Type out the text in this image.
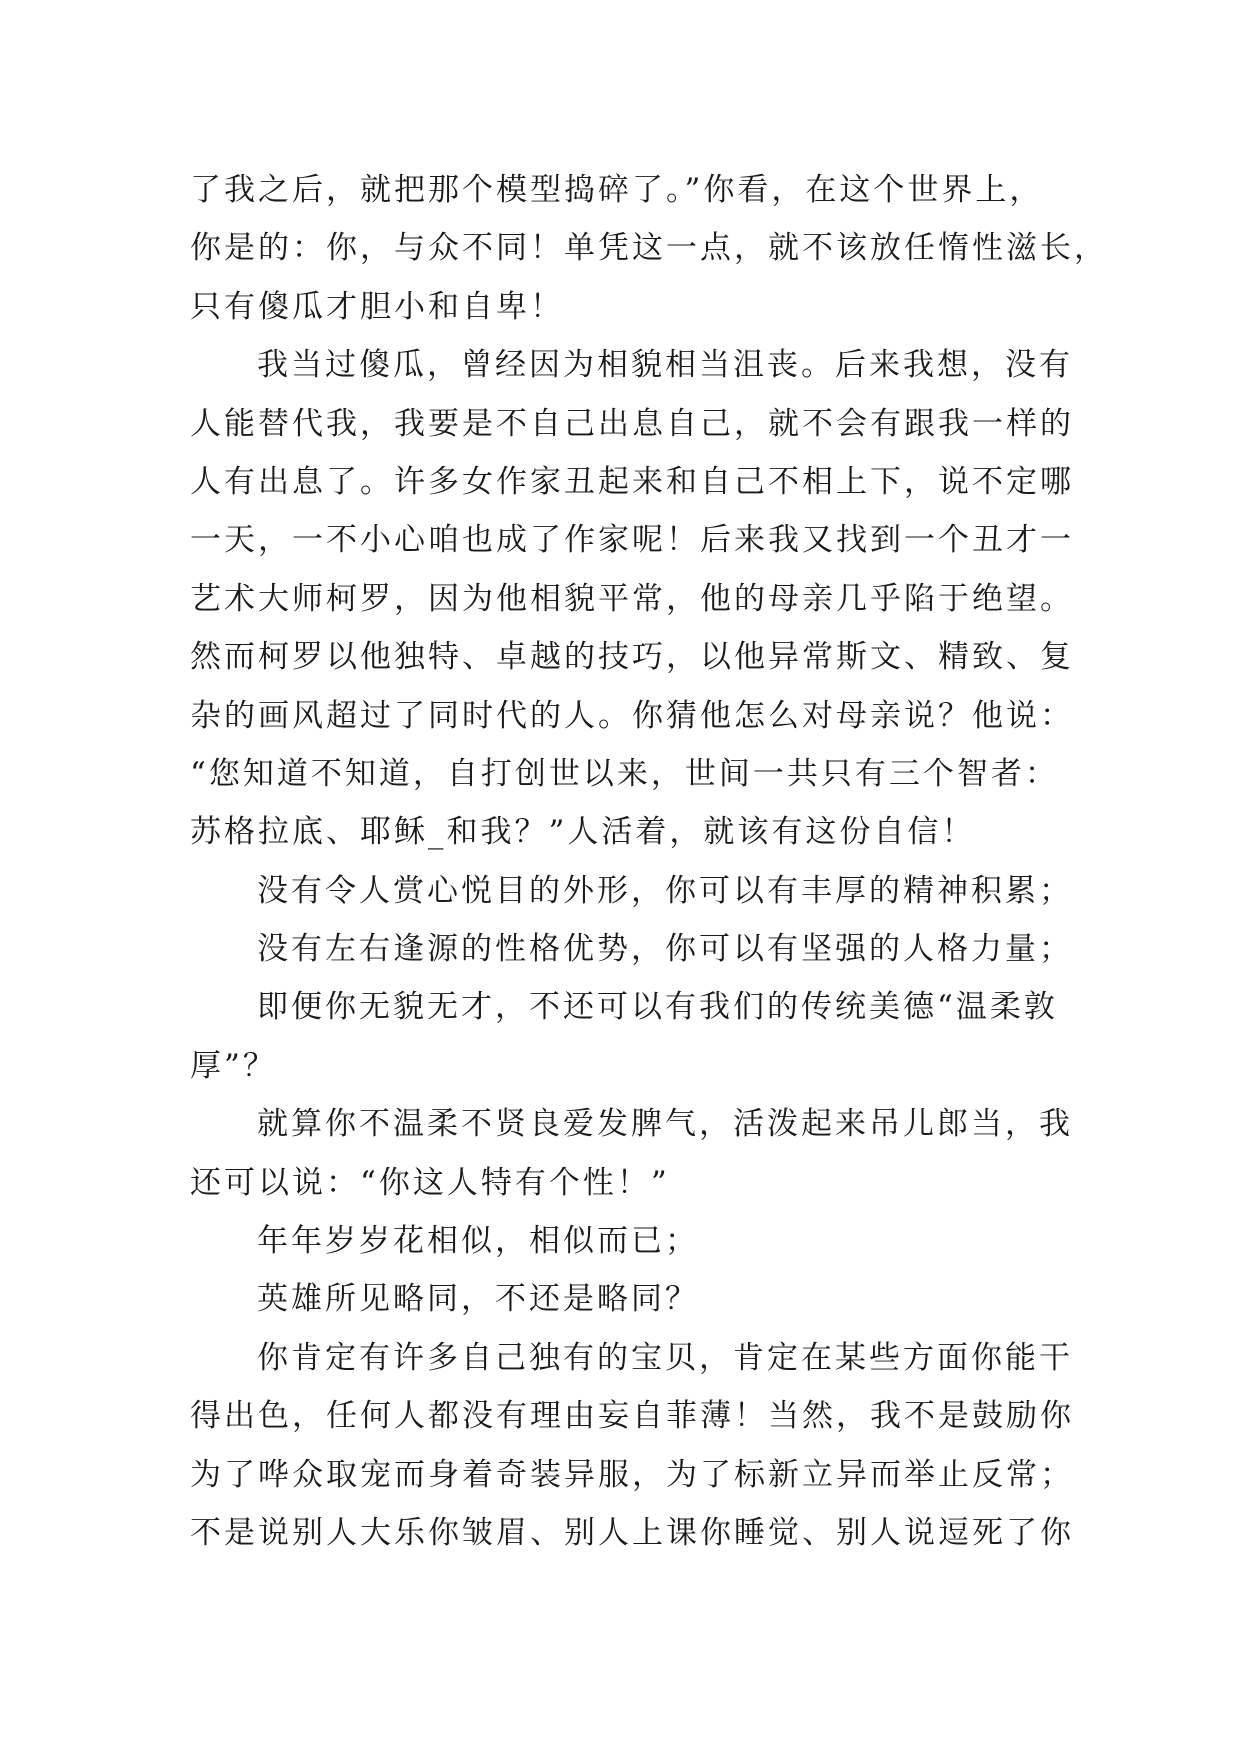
了我之后，就把那个模型捣碎了。”你看，在这个世界上，

你是的：你，与众不同！单凭这一点，就不该放任惰性滋长，

只有傻瓜才胆小和自卑！

我当过傻瓜，曾经因为相貌相当沮丧。后来我想，没有

人能替代我，我要是不自己出息自己，就不会有跟我一样的

人有出息了。许多女作家丑起来和自己不相上下，说不定哪

一天，一不小心咱也成了作家呢！后来我又找到一个丑才一

艺术大师柯罗，因为他相貌平常，他的母亲几乎陷于绝望。

然而柯罗以他独特、卓越的技巧，以他异常斯文、精致、复

杂的画风超过了同时代的人。你猜他怎么对母亲说？他说：

“您知道不知道，自打创世以来，世间一共只有三个智者：

苏格拉底、耶稣_和我？”人活着，就该有这份自信！

没有令人赏心悦目的外形，你可以有丰厚的精神积累；

没有左右逢源的性格优势，你可以有坚强的人格力量；

即便你无貌无才，不还可以有我们的传统美德“温柔敦

厚”？

就算你不温柔不贤良爱发脾气，活泼起来吊儿郎当，我

还可以说：“你这人特有个性！”

年年岁岁花相似，相似而已；

英雄所见略同，不还是略同？

你肯定有许多自己独有的宝贝，肯定在某些方面你能干

得出色，任何人都没有理由妄自菲薄！当然，我不是鼓励你

为了哗众取宠而身着奇装异服，为了标新立异而举止反常；

不是说别人大乐你皱眉、别人上课你睡觉、别人说逗死了你
